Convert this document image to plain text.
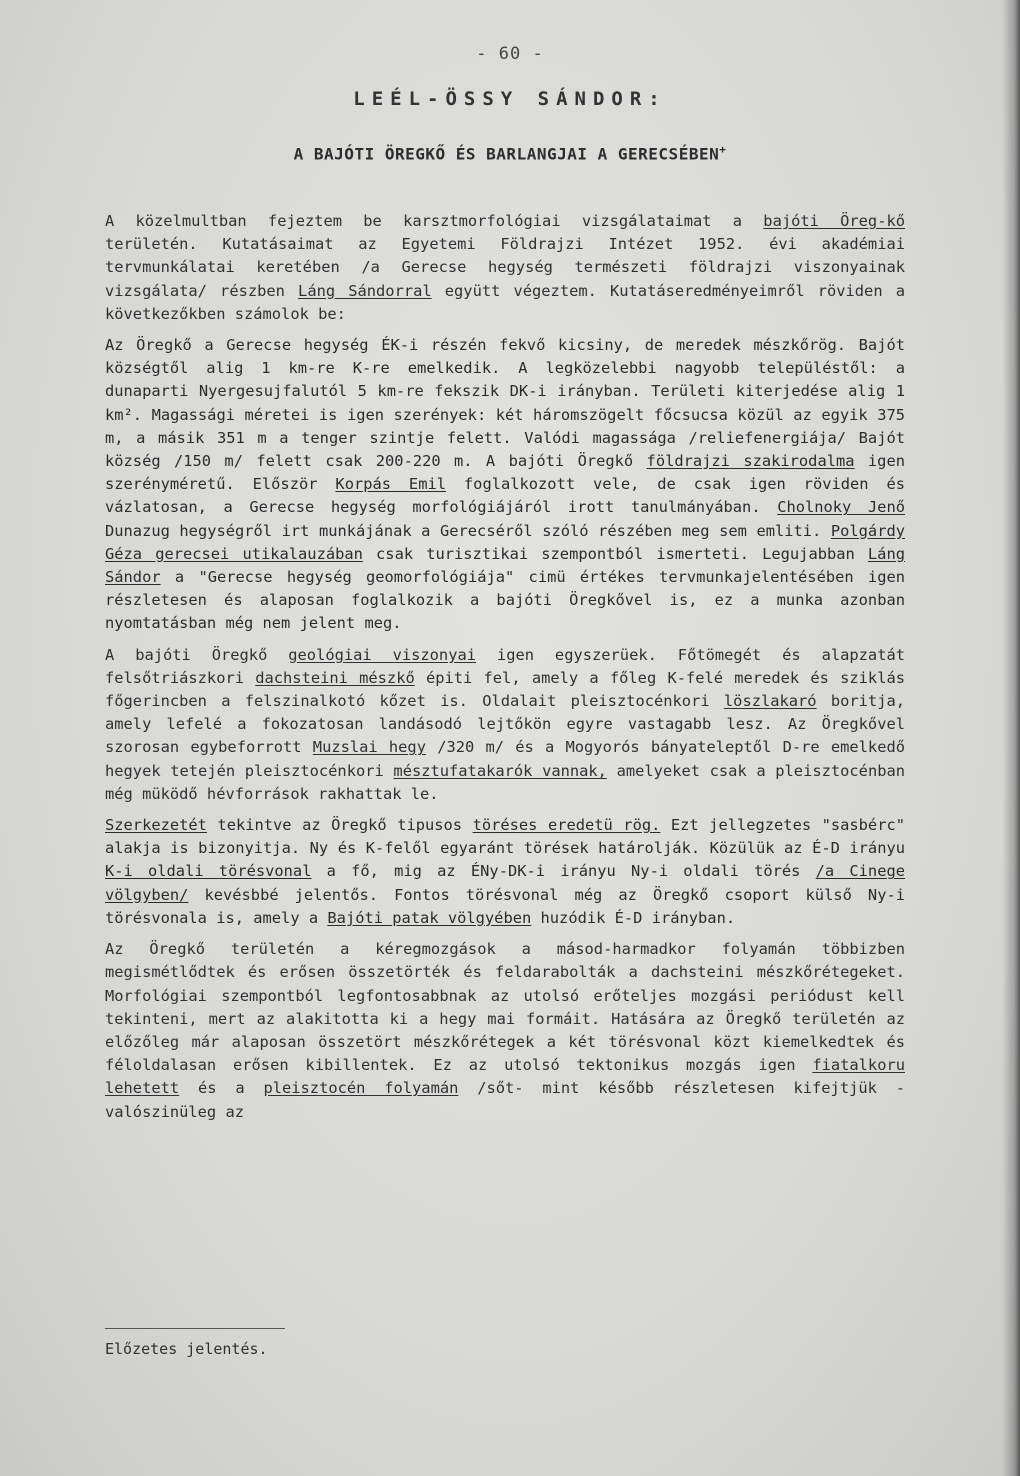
- 60 -
LEÉL-ÖSSY SÁNDOR:
A BAJÓTI ÖREGKŐ ÉS BARLANGJAI A GERECSÉBEN+

A közelmultban fejeztem be karsztmorfológiai vizsgálataimat a bajóti Öreg-kő területén. Kutatásaimat az Egyetemi Földrajzi Intézet 1952. évi akadémiai tervmunkálatai keretében /a Gerecse hegység természeti földrajzi viszonyainak vizsgálata/ részben Láng Sándorral együtt végeztem. Kutatáseredményeimről röviden a következőkben számolok be:

Az Öregkő a Gerecse hegység ÉK-i részén fekvő kicsiny, de meredek mészkőrög. Bajót községtől alig 1 km-re K-re emelkedik. A legközelebbi nagyobb településtől: a dunaparti Nyergesujfalutól 5 km-re fekszik DK-i irányban. Területi kiterjedése alig 1 km². Magassági méretei is igen szerények: két háromszögelt főcsucsa közül az egyik 375 m, a másik 351 m a tenger szintje felett. Valódi magassága /reliefenergiája/ Bajót község /150 m/ felett csak 200-220 m. A bajóti Öregkő földrajzi szakirodalma igen szerényméretű. Először Korpás Emil foglalkozott vele, de csak igen röviden és vázlatosan, a Gerecse hegység morfológiájáról irott tanulmányában. Cholnoky Jenő Dunazug hegységről irt munkájának a Gerecséről szóló részében meg sem emliti. Polgárdy Géza gerecsei utikalauzában csak turisztikai szempontból ismerteti. Legujabban Láng Sándor a "Gerecse hegység geomorfológiája" cimü értékes tervmunkajelentésében igen részletesen és alaposan foglalkozik a bajóti Öregkővel is, ez a munka azonban nyomtatásban még nem jelent meg.

A bajóti Öregkő geológiai viszonyai igen egyszerüek. Főtömegét és alapzatát felsőtriászkori dachsteini mészkő épiti fel, amely a főleg K-felé meredek és sziklás főgerincben a felszinalkotó kőzet is. Oldalait pleisztocénkori löszlakaró boritja, amely lefelé a fokozatosan landásodó lejtőkön egyre vastagabb lesz. Az Öregkővel szorosan egybeforrott Muzslai hegy /320 m/ és a Mogyorós bányateleptől D-re emelkedő hegyek tetején pleisztocénkori mésztufatakarók vannak, amelyeket csak a pleisztocénban még müködő hévforrások rakhattak le.

Szerkezetét tekintve az Öregkő tipusos töréses eredetü rög. Ezt jellegzetes "sasbérc" alakja is bizonyitja. Ny és K-felől egyaránt törések határolják. Közülük az É-D irányu K-i oldali törésvonal a fő, mig az ÉNy-DK-i irányu Ny-i oldali törés /a Cinege völgyben/ kevésbbé jelentős. Fontos törésvonal még az Öregkő csoport külső Ny-i törésvonala is, amely a Bajóti patak völgyében huzódik É-D irányban.

Az Öregkő területén a kéregmozgások a másod-harmadkor folyamán többizben megismétlődtek és erősen összetörték és feldarabolták a dachsteini mészkőrétegeket. Morfológiai szempontból legfontosabbnak az utolsó erőteljes mozgási periódust kell tekinteni, mert az alakitotta ki a hegy mai formáit. Hatására az Öregkő területén az előzőleg már alaposan összetört mészkőrétegek a két törésvonal közt kiemelkedtek és féloldalasan erősen kibillentek. Ez az utolsó tektonikus mozgás igen fiatalkoru lehetett és a pleisztocén folyamán /sőt- mint később részletesen kifejtjük - valószinüleg az

Előzetes jelentés.
